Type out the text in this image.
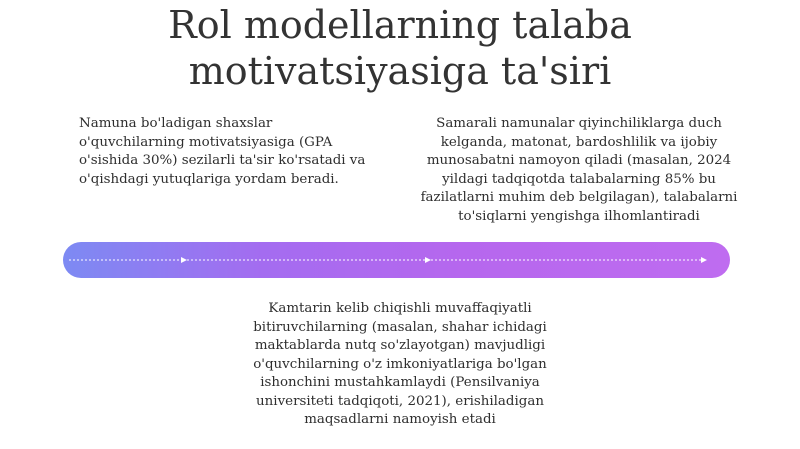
Rol modellarning talaba
motivatsiyasiga ta'siri
Namuna bo'ladigan shaxslar o'quvchilarning motivatsiyasiga (GPA o'sishida 30%) sezilarli ta'sir ko'rsatadi va o'qishdagi yutuqlariga yordam beradi.
Samarali namunalar qiyinchiliklarga duch kelganda, matonat, bardoshlilik va ijobiy munosabatni namoyon qiladi (masalan, 2024 yildagi tadqiqotda talabalarning 85% bu fazilatlarni muhim deb belgilagan), talabalarni to'siqlarni yengishga ilhomlantiradi
Kamtarin kelib chiqishli muvaffaqiyatli bitiruvchilarning (masalan, shahar ichidagi maktablarda nutq so'zlayotgan) mavjudligi o'quvchilarning o'z imkoniyatlariga bo'lgan ishonchini mustahkamlaydi (Pensilvaniya universiteti tadqiqoti, 2021), erishiladigan maqsadlarni namoyish etadi
